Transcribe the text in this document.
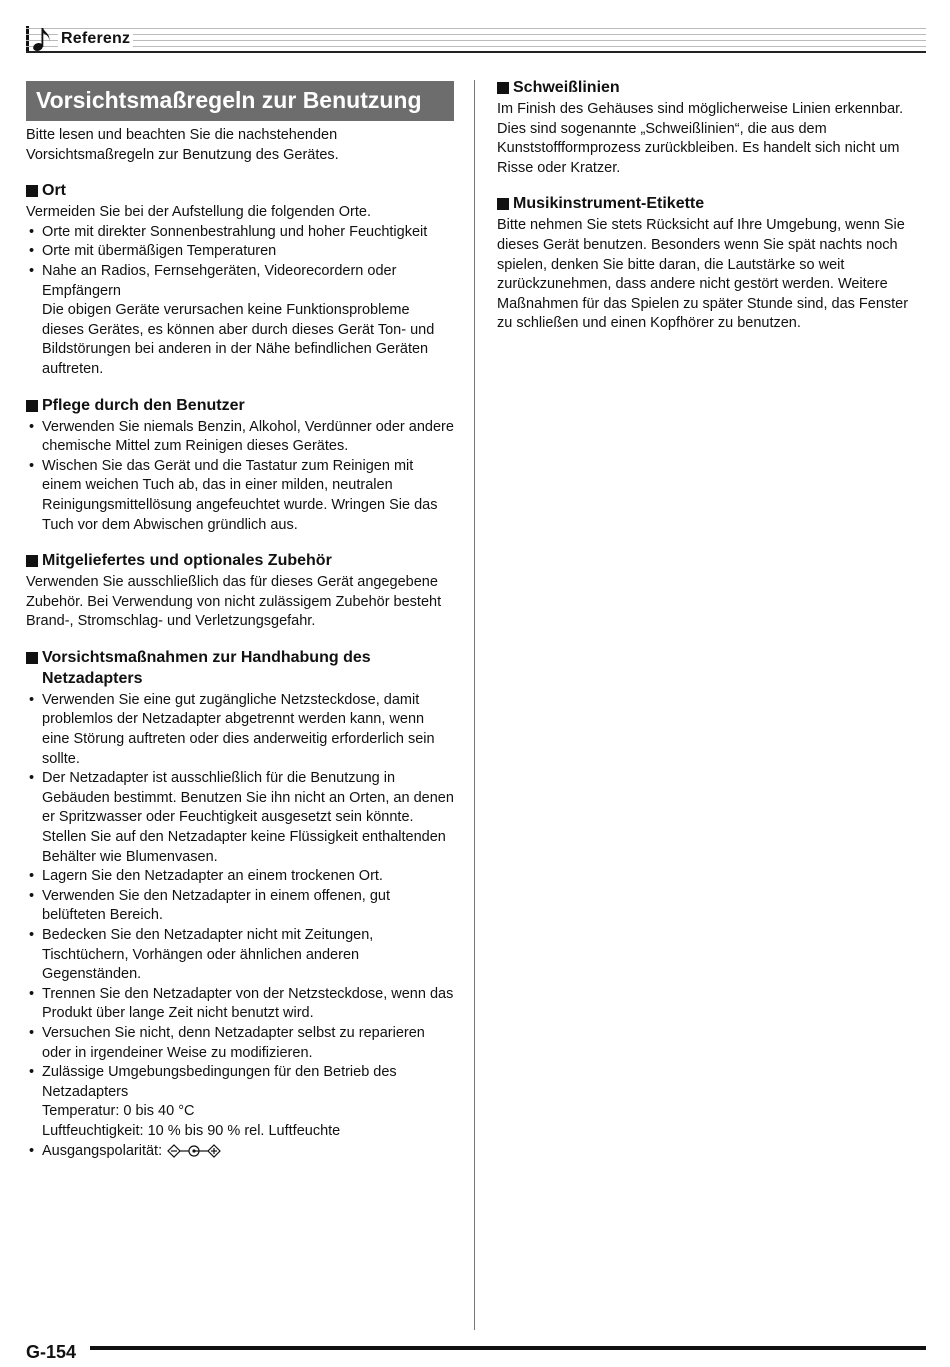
Referenz
Vorsichtsmaßregeln zur Benutzung

Bitte lesen und beachten Sie die nachstehenden Vorsichtsmaßregeln zur Benutzung des Gerätes.

Ort

Vermeiden Sie bei der Aufstellung die folgenden Orte.

• Orte mit direkter Sonnenbestrahlung und hoher Feuchtigkeit
• Orte mit übermäßigen Temperaturen
• Nahe an Radios, Fernsehgeräten, Videorecordern oder Empfängern
Die obigen Geräte verursachen keine Funktionsprobleme dieses Gerätes, es können aber durch dieses Gerät Ton- und Bildstörungen bei anderen in der Nähe befindlichen Geräten auftreten.
Pflege durch den Benutzer
• Verwenden Sie niemals Benzin, Alkohol, Verdünner oder andere chemische Mittel zum Reinigen dieses Gerätes.
• Wischen Sie das Gerät und die Tastatur zum Reinigen mit einem weichen Tuch ab, das in einer milden, neutralen Reinigungsmittellösung angefeuchtet wurde. Wringen Sie das Tuch vor dem Abwischen gründlich aus.
Mitgeliefertes und optionales Zubehör

Verwenden Sie ausschließlich das für dieses Gerät angegebene Zubehör. Bei Verwendung von nicht zulässigem Zubehör besteht Brand-, Stromschlag- und Verletzungsgefahr.

Vorsichtsmaßnahmen zur Handhabung des Netzadapters
• Verwenden Sie eine gut zugängliche Netzsteckdose, damit problemlos der Netzadapter abgetrennt werden kann, wenn eine Störung auftreten oder dies anderweitig erforderlich sein sollte.
• Der Netzadapter ist ausschließlich für die Benutzung in Gebäuden bestimmt. Benutzen Sie ihn nicht an Orten, an denen er Spritzwasser oder Feuchtigkeit ausgesetzt sein könnte. Stellen Sie auf den Netzadapter keine Flüssigkeit enthaltenden Behälter wie Blumenvasen.
• Lagern Sie den Netzadapter an einem trockenen Ort.
• Verwenden Sie den Netzadapter in einem offenen, gut belüfteten Bereich.
• Bedecken Sie den Netzadapter nicht mit Zeitungen, Tischtüchern, Vorhängen oder ähnlichen anderen Gegenständen.
• Trennen Sie den Netzadapter von der Netzsteckdose, wenn das Produkt über lange Zeit nicht benutzt wird.
• Versuchen Sie nicht, denn Netzadapter selbst zu reparieren oder in irgendeiner Weise zu modifizieren.
• Zulässige Umgebungsbedingungen für den Betrieb des Netzadapters
Temperatur: 0 bis 40 °C
Luftfeuchtigkeit: 10 % bis 90 % rel. Luftfeuchte
• Ausgangspolarität:
Schweißlinien

Im Finish des Gehäuses sind möglicherweise Linien erkennbar. Dies sind sogenannte „Schweißlinien“, die aus dem Kunststoffformprozess zurückbleiben. Es handelt sich nicht um Risse oder Kratzer.

Musikinstrument-Etikette

Bitte nehmen Sie stets Rücksicht auf Ihre Umgebung, wenn Sie dieses Gerät benutzen. Besonders wenn Sie spät nachts noch spielen, denken Sie bitte daran, die Lautstärke so weit zurückzunehmen, dass andere nicht gestört werden. Weitere Maßnahmen für das Spielen zu später Stunde sind, das Fenster zu schließen und einen Kopfhörer zu benutzen.

G-154
